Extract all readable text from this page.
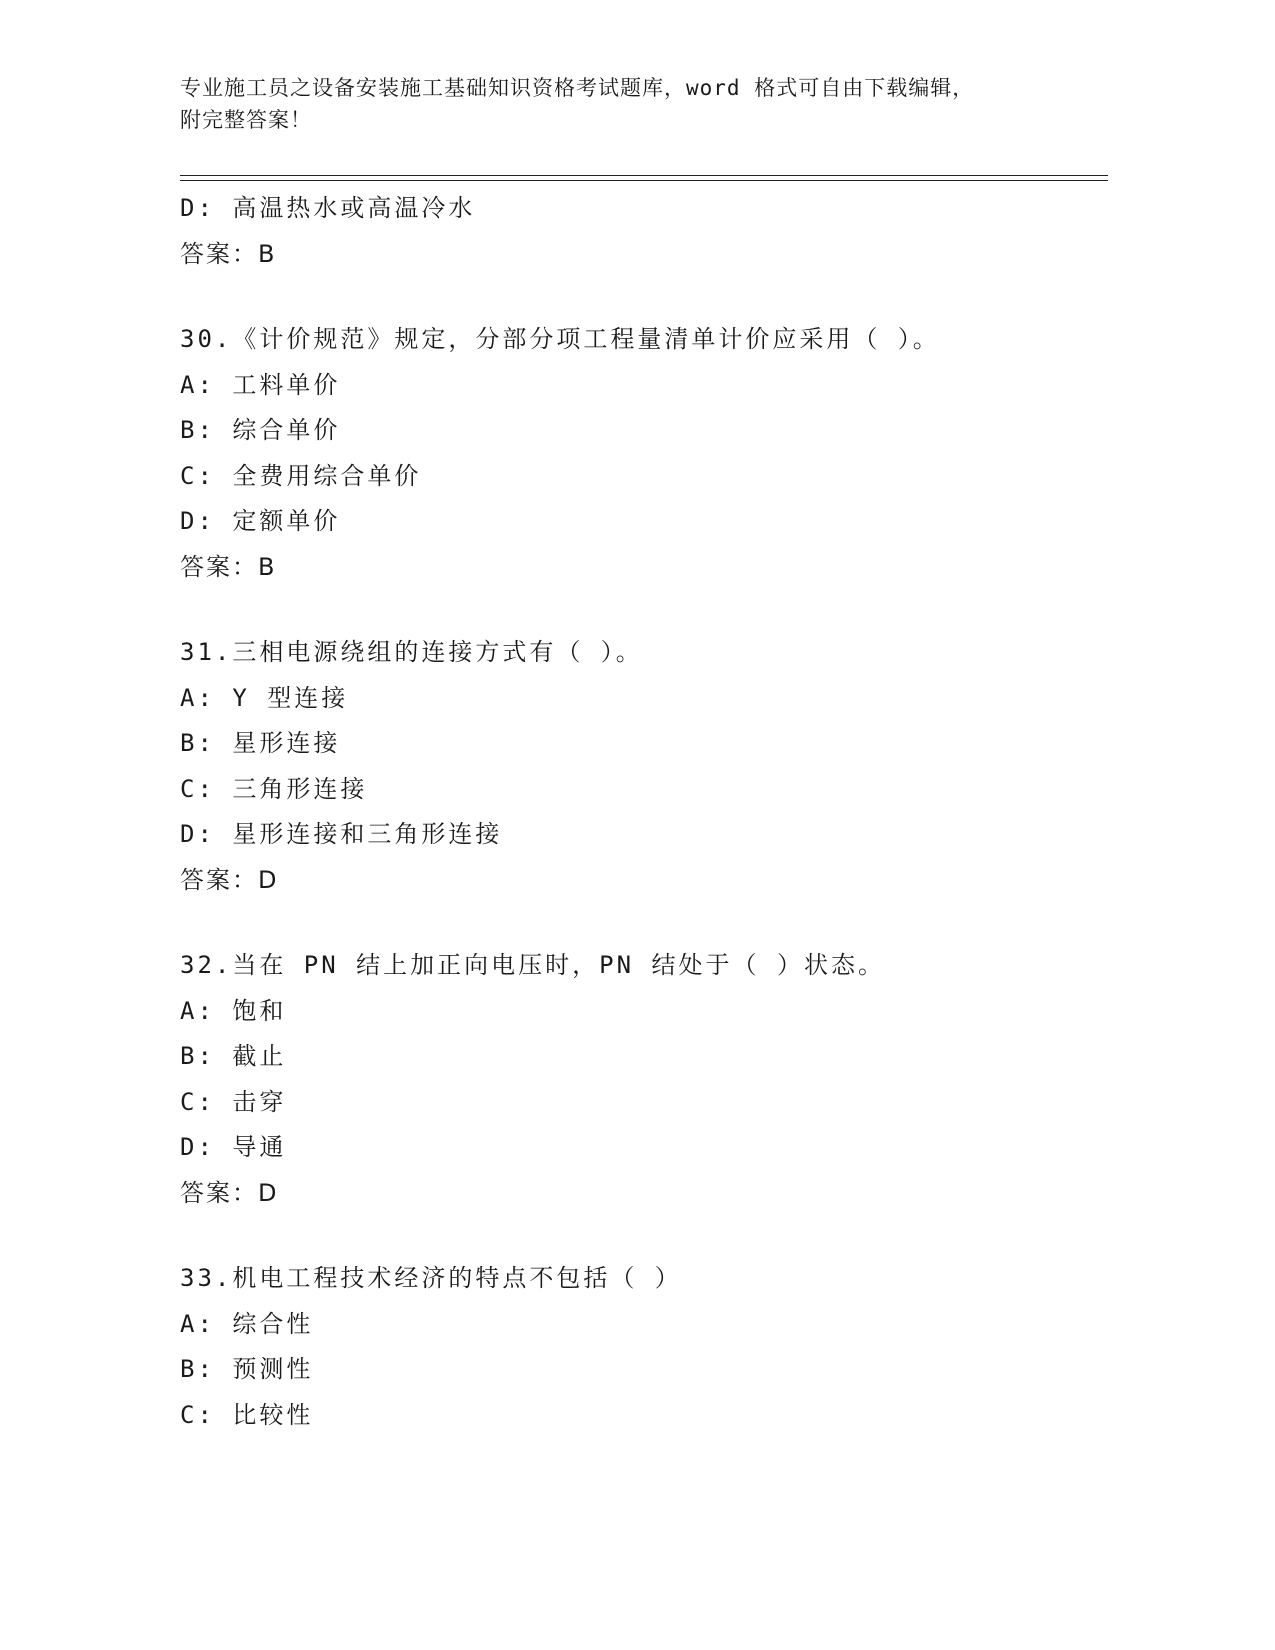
专业施工员之设备安装施工基础知识资格考试题库，word 格式可自由下载编辑，
附完整答案！
D: 高温热水或高温冷水
答案：B
30.《计价规范》规定，分部分项工程量清单计价应采用（ ）。
A: 工料单价
B: 综合单价
C: 全费用综合单价
D: 定额单价
答案：B
31.三相电源绕组的连接方式有（ ）。
A: Y 型连接
B: 星形连接
C: 三角形连接
D: 星形连接和三角形连接
答案：D
32.当在 PN 结上加正向电压时，PN 结处于（ ）状态。
A: 饱和
B: 截止
C: 击穿
D: 导通
答案：D
33.机电工程技术经济的特点不包括（ ）
A: 综合性
B: 预测性
C: 比较性
